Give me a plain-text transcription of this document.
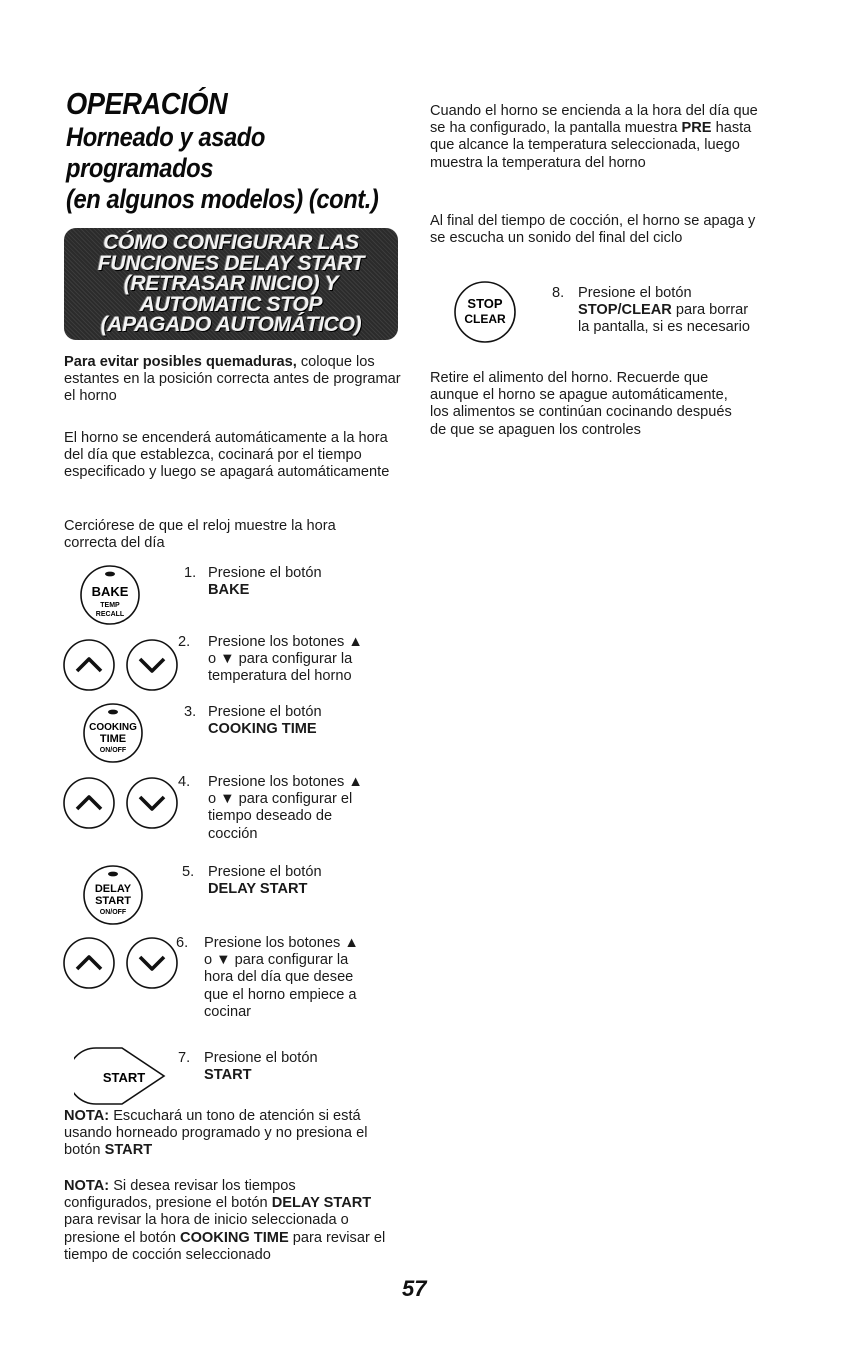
OPERACIÓN
Horneado y asado
programados
(en algunos modelos) (cont.)
CÓMO CONFIGURAR LAS
FUNCIONES DELAY START
(RETRASAR INICIO) Y
AUTOMATIC STOP
(APAGADO AUTOMÁTICO)
Para evitar posibles quemaduras, coloque los estantes en la posición correcta antes de programar el horno
El horno se encenderá automáticamente a la hora del día que establezca, cocinará por el tiempo especificado y luego se apagará automáticamente
Cerciórese de que el reloj muestre la hora correcta del día
BAKE
TEMP
RECALL
1. Presione el botón
BAKE
2. Presione los botones ▲ o ▼ para configurar la temperatura del horno
COOKING
TIME
ON/OFF
3. Presione el botón
COOKING TIME
4. Presione los botones ▲ o ▼ para configurar el tiempo deseado de cocción
DELAY
START
ON/OFF
5. Presione el botón
DELAY START
6. Presione los botones ▲ o ▼ para configurar la hora del día que desee que el horno empiece a cocinar
START
7. Presione el botón
START
NOTA: Escuchará un tono de atención si está usando horneado programado y no presiona el botón START
NOTA: Si desea revisar los tiempos configurados, presione el botón DELAY START para revisar la hora de inicio seleccionada o presione el botón COOKING TIME para revisar el tiempo de cocción seleccionado
Cuando el horno se encienda a la hora del día que se ha configurado, la pantalla muestra PRE hasta que alcance la temperatura seleccionada, luego muestra la temperatura del horno
Al final del tiempo de cocción, el horno se apaga y se escucha un sonido del final del ciclo
STOP
CLEAR
8. Presione el botón
STOP/CLEAR para borrar la pantalla, si es necesario
Retire el alimento del horno. Recuerde que aunque el horno se apague automáticamente, los alimentos se continúan cocinando después de que se apaguen los controles
57
